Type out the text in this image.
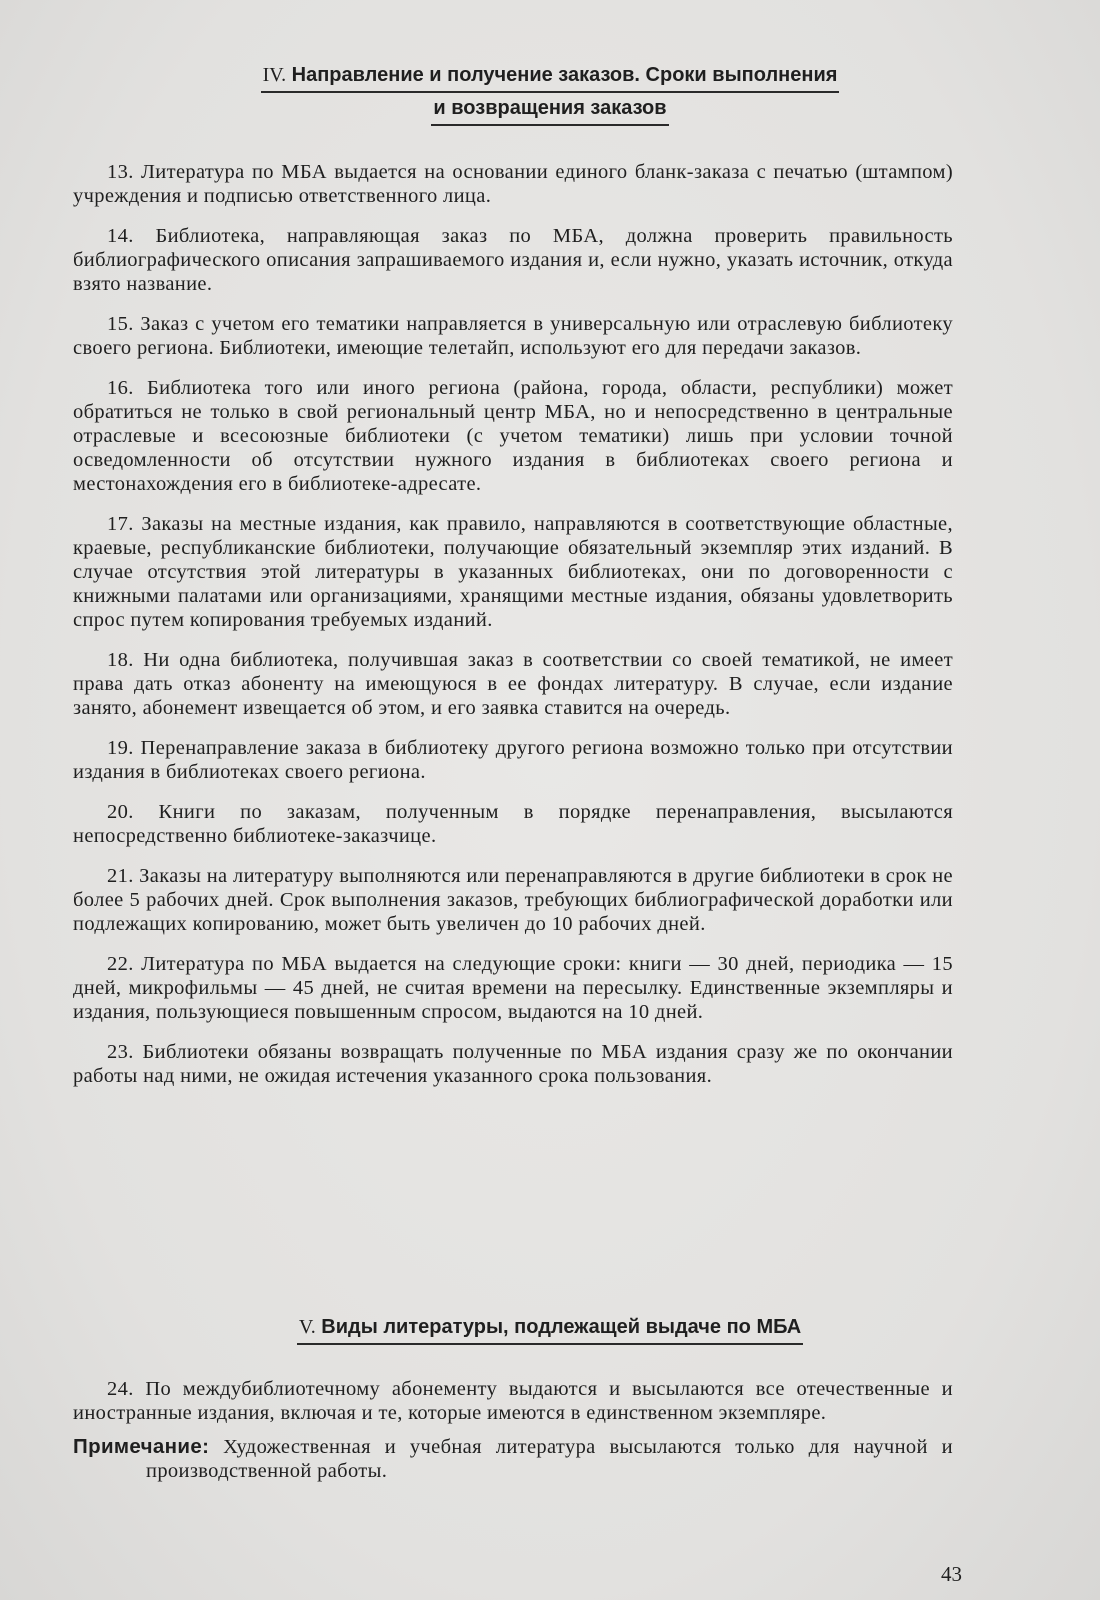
IV. Направление и получение заказов. Сроки выполнения
и возвращения заказов

13. Литература по МБА выдается на основании единого бланк-заказа с печатью (штампом) учреждения и подписью ответственного лица.

14. Библиотека, направляющая заказ по МБА, должна проверить правильность библиографического описания запрашиваемого издания и, если нужно, указать источник, откуда взято название.

15. Заказ с учетом его тематики направляется в универсальную или отраслевую библиотеку своего региона. Библиотеки, имеющие телетайп, используют его для передачи заказов.

16. Библиотека того или иного региона (района, города, области, республики) может обратиться не только в свой региональный центр МБА, но и непосредственно в центральные отраслевые и всесоюзные библиотеки (с учетом тематики) лишь при условии точной осведомленности об отсутствии нужного издания в библиотеках своего региона и местонахождения его в библиотеке-адресате.

17. Заказы на местные издания, как правило, направляются в соответствующие областные, краевые, республиканские библиотеки, получающие обязательный экземпляр этих изданий. В случае отсутствия этой литературы в указанных библиотеках, они по договоренности с книжными палатами или организациями, хранящими местные издания, обязаны удовлетворить спрос путем копирования требуемых изданий.

18. Ни одна библиотека, получившая заказ в соответствии со своей тематикой, не имеет права дать отказ абоненту на имеющуюся в ее фондах литературу. В случае, если издание занято, абонемент извещается об этом, и его заявка ставится на очередь.

19. Перенаправление заказа в библиотеку другого региона возможно только при отсутствии издания в библиотеках своего региона.

20. Книги по заказам, полученным в порядке перенаправления, высылаются непосредственно библиотеке-заказчице.

21. Заказы на литературу выполняются или перенаправляются в другие библиотеки в срок не более 5 рабочих дней. Срок выполнения заказов, требующих библиографической доработки или подлежащих копированию, может быть увеличен до 10 рабочих дней.

22. Литература по МБА выдается на следующие сроки: книги — 30 дней, периодика — 15 дней, микрофильмы — 45 дней, не считая времени на пересылку. Единственные экземпляры и издания, пользующиеся повышенным спросом, выдаются на 10 дней.

23. Библиотеки обязаны возвращать полученные по МБА издания сразу же по окончании работы над ними, не ожидая истечения указанного срока пользования.

V. Виды литературы, подлежащей выдаче по МБА

24. По междубиблиотечному абонементу выдаются и высылаются все отечественные и иностранные издания, включая и те, которые имеются в единственном экземпляре.

Примечание: Художественная и учебная литература высылаются только для научной и производственной работы.

43
